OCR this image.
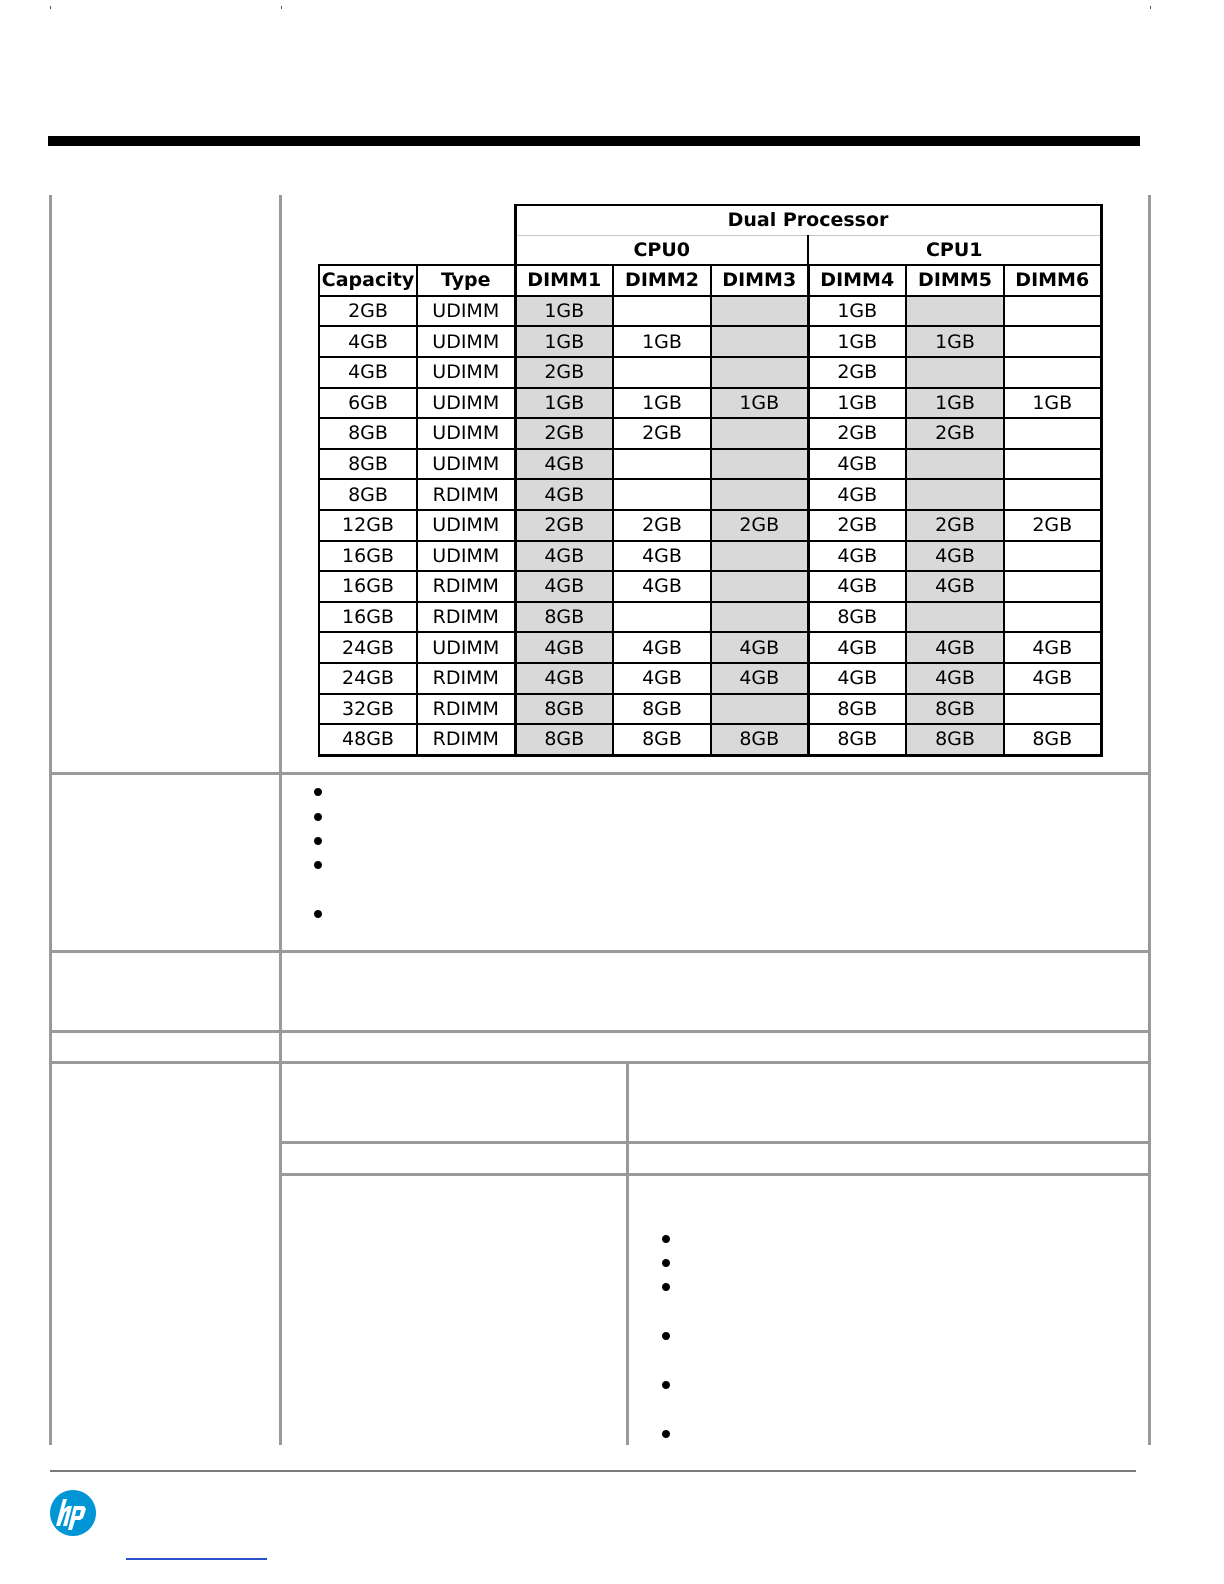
		Dual Processor					
		CPU0			CPU1		
Capacity	Type	DIMM1	DIMM2	DIMM3	DIMM4	DIMM5	DIMM6
2GB	UDIMM	1GB			1GB		
4GB	UDIMM	1GB	1GB		1GB	1GB	
4GB	UDIMM	2GB			2GB		
6GB	UDIMM	1GB	1GB	1GB	1GB	1GB	1GB
8GB	UDIMM	2GB	2GB		2GB	2GB	
8GB	UDIMM	4GB			4GB		
8GB	RDIMM	4GB			4GB		
12GB	UDIMM	2GB	2GB	2GB	2GB	2GB	2GB
16GB	UDIMM	4GB	4GB		4GB	4GB	
16GB	RDIMM	4GB	4GB		4GB	4GB	
16GB	RDIMM	8GB			8GB		
24GB	UDIMM	4GB	4GB	4GB	4GB	4GB	4GB
24GB	RDIMM	4GB	4GB	4GB	4GB	4GB	4GB
32GB	RDIMM	8GB	8GB		8GB	8GB	
48GB	RDIMM	8GB	8GB	8GB	8GB	8GB	8GB
